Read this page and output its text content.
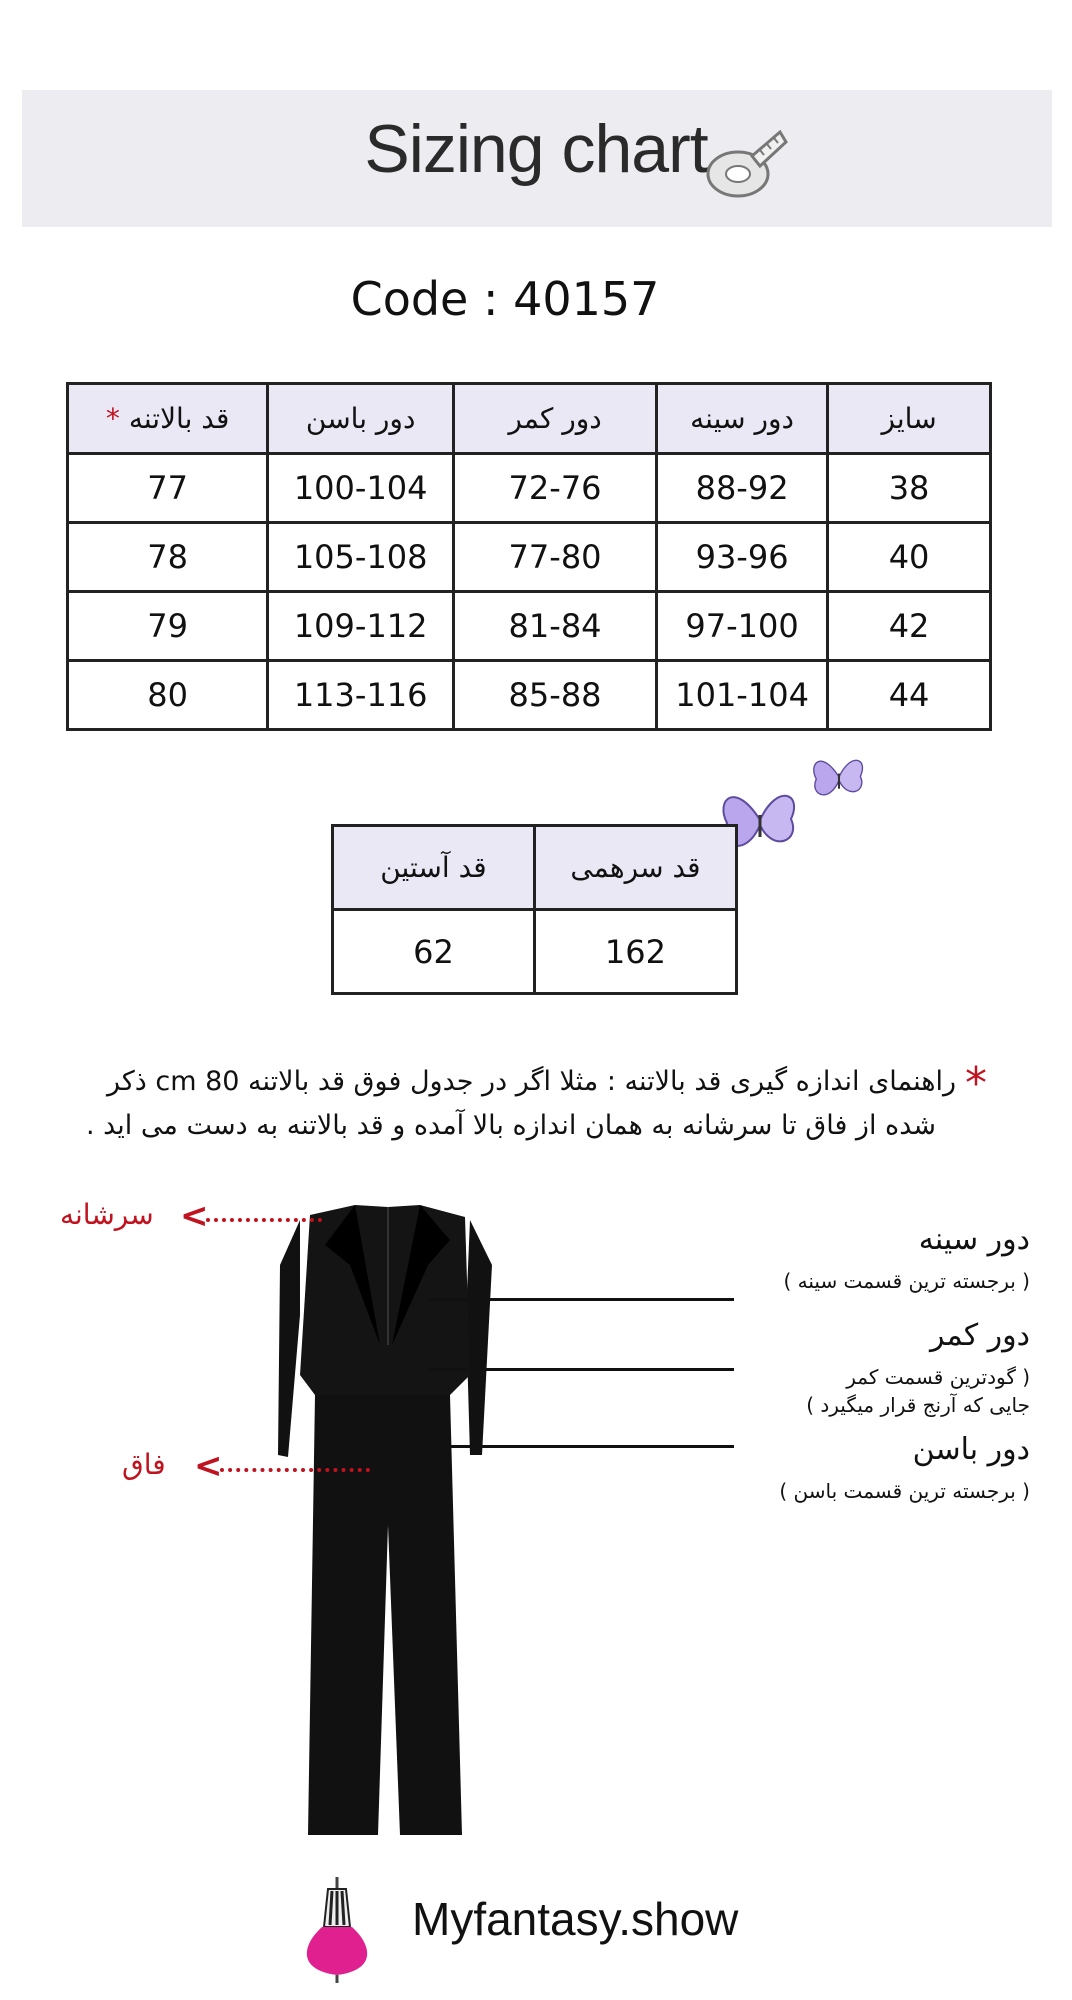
Sizing chart
Code : 40157
* قد بالاتنه	دور باسن	دور کمر	دور سینه	سایز
77	100-104	72-76	88-92	38
78	105-108	77-80	93-96	40
79	109-112	81-84	97-100	42
80	113-116	85-88	101-104	44
قد آستین	قد سرهمی
62	162
*
راهنمای اندازه گیری قد بالاتنه : مثلا اگر در جدول فوق قد بالاتنه 80 cm ذکر
شده از فاق تا سرشانه به همان اندازه بالا آمده و قد بالاتنه به دست می اید .
سرشانه <
فاق <
دور سینه
( برجسته ترین قسمت سینه )
دور کمر
( گودترین قسمت کمر
جایی که آرنج قرار میگیرد )
دور باسن
( برجسته ترین قسمت باسن )
Myfantasy.show
